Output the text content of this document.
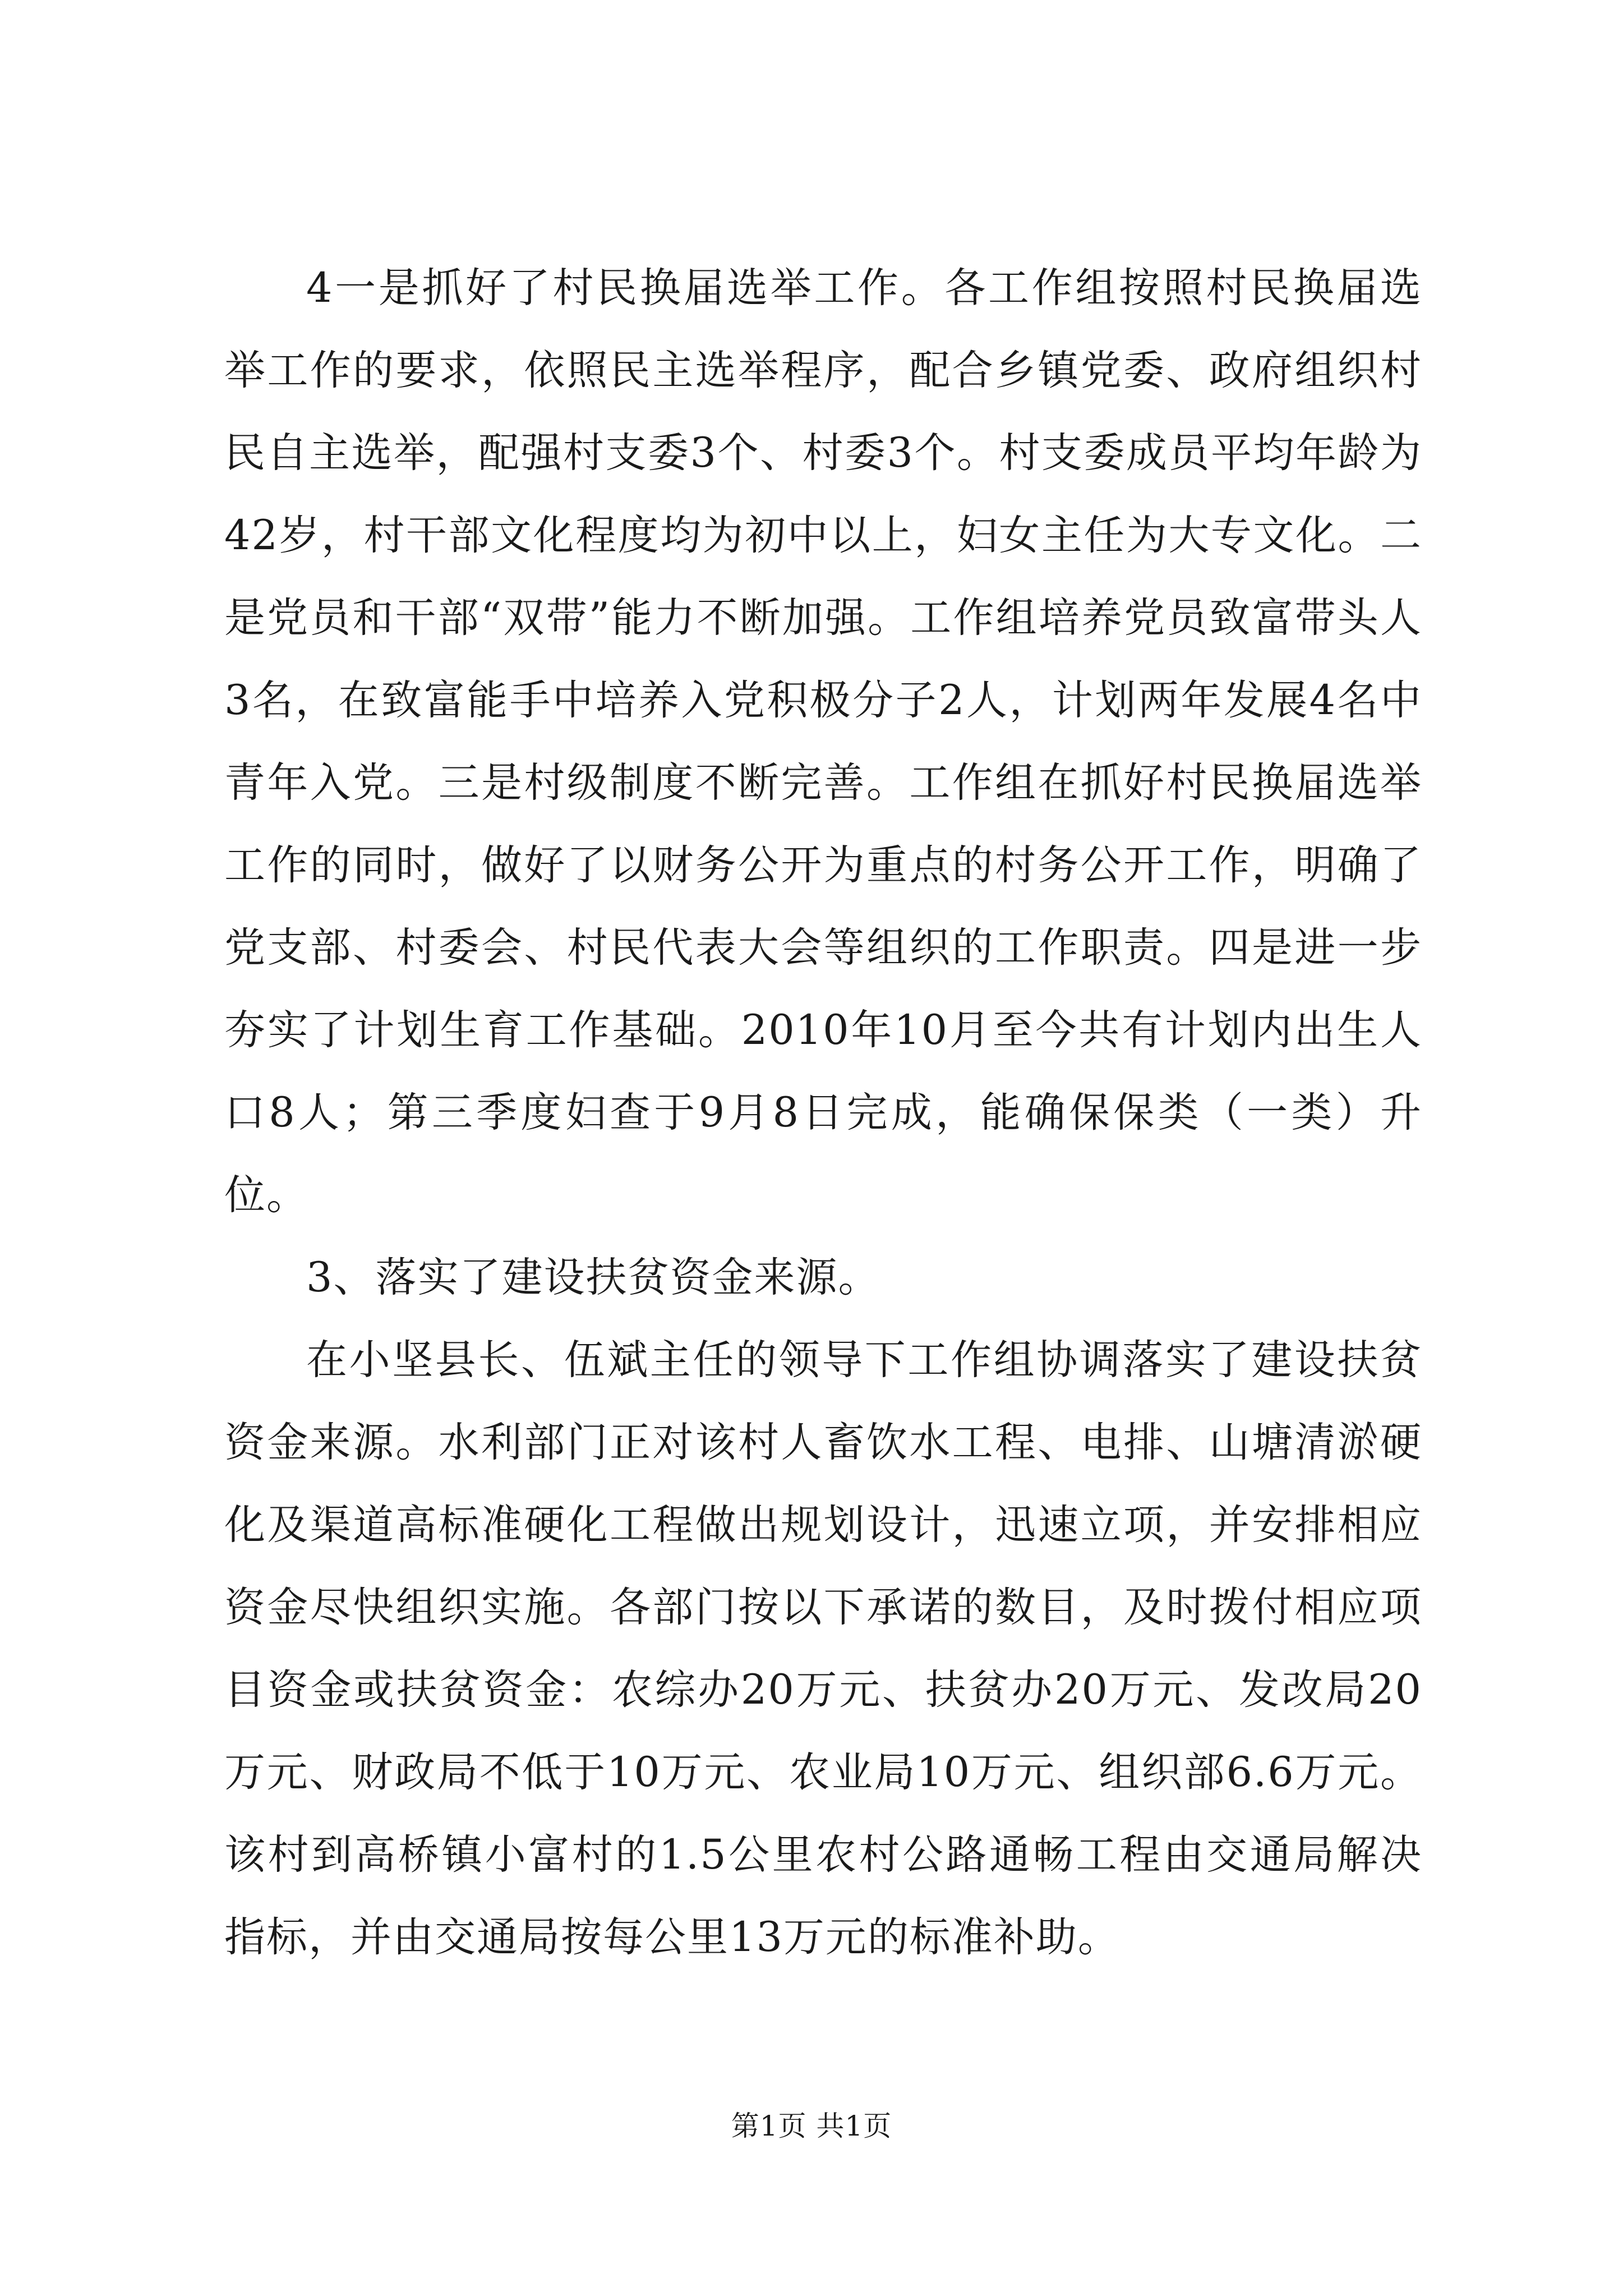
4一是抓好了村民换届选举工作。各工作组按照村民换届选举工作的要求，依照民主选举程序，配合乡镇党委、政府组织村民自主选举，配强村支委3个、村委3个。村支委成员平均年龄为42岁，村干部文化程度均为初中以上，妇女主任为大专文化。二是党员和干部“双带”能力不断加强。工作组培养党员致富带头人3名，在致富能手中培养入党积极分子2人，计划两年发展4名中青年入党。三是村级制度不断完善。工作组在抓好村民换届选举工作的同时，做好了以财务公开为重点的村务公开工作，明确了党支部、村委会、村民代表大会等组织的工作职责。四是进一步夯实了计划生育工作基础。2010年10月至今共有计划内出生人口8人；第三季度妇查于9月8日完成，能确保保类（一类）升位。

3、落实了建设扶贫资金来源。

在小坚县长、伍斌主任的领导下工作组协调落实了建设扶贫资金来源。水利部门正对该村人畜饮水工程、电排、山塘清淤硬化及渠道高标准硬化工程做出规划设计，迅速立项，并安排相应资金尽快组织实施。各部门按以下承诺的数目，及时拨付相应项目资金或扶贫资金：农综办20万元、扶贫办20万元、发改局20万元、财政局不低于10万元、农业局10万元、组织部6.6万元。该村到高桥镇小富村的1.5公里农村公路通畅工程由交通局解决指标，并由交通局按每公里13万元的标准补助。

第1页 共1页
